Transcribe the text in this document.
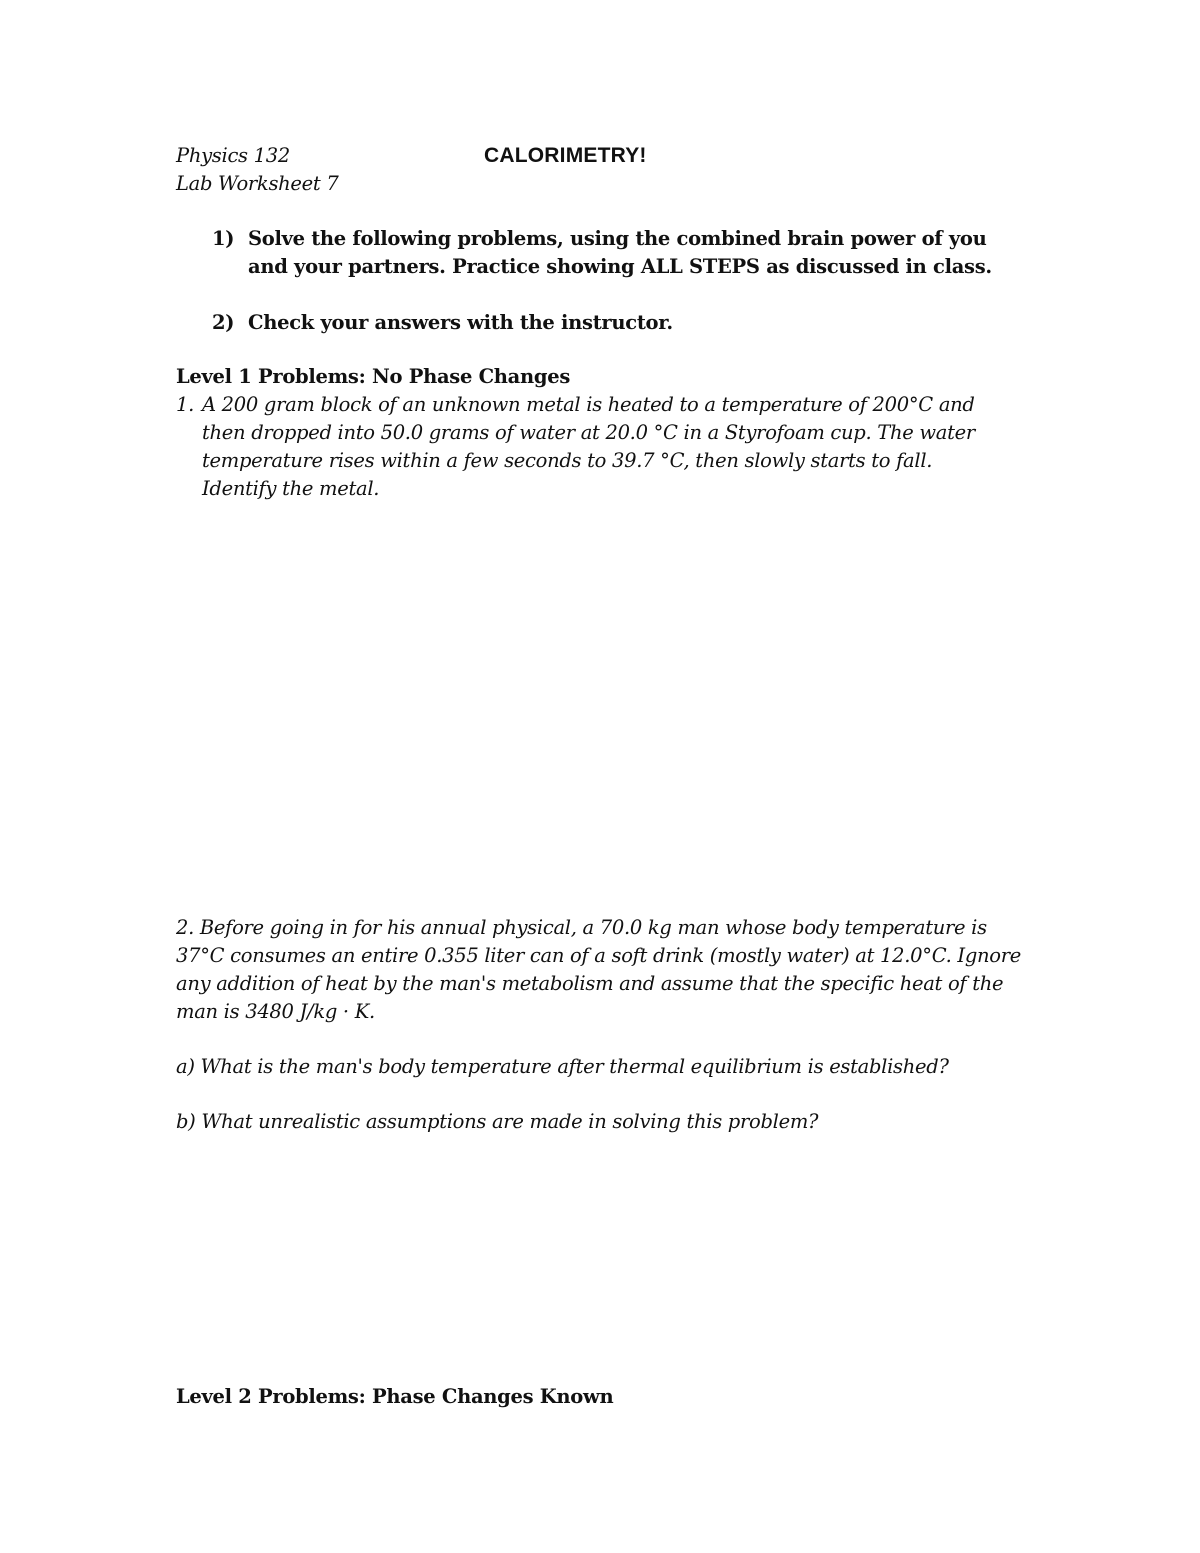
Physics 132
Lab Worksheet 7
CALORIMETRY!
1) Solve the following problems, using the combined brain power of you
and your partners. Practice showing ALL STEPS as discussed in class.
2) Check your answers with the instructor.
Level 1 Problems: No Phase Changes
1. A 200 gram block of an unknown metal is heated to a temperature of 200°C and
then dropped into 50.0 grams of water at 20.0 °C in a Styrofoam cup. The water
temperature rises within a few seconds to 39.7 °C, then slowly starts to fall.
Identify the metal.
2. Before going in for his annual physical, a 70.0 kg man whose body temperature is
37°C consumes an entire 0.355 liter can of a soft drink (mostly water) at 12.0°C. Ignore
any addition of heat by the man's metabolism and assume that the specific heat of the
man is 3480 J/kg · K.
a) What is the man's body temperature after thermal equilibrium is established?
b) What unrealistic assumptions are made in solving this problem?
Level 2 Problems: Phase Changes Known
